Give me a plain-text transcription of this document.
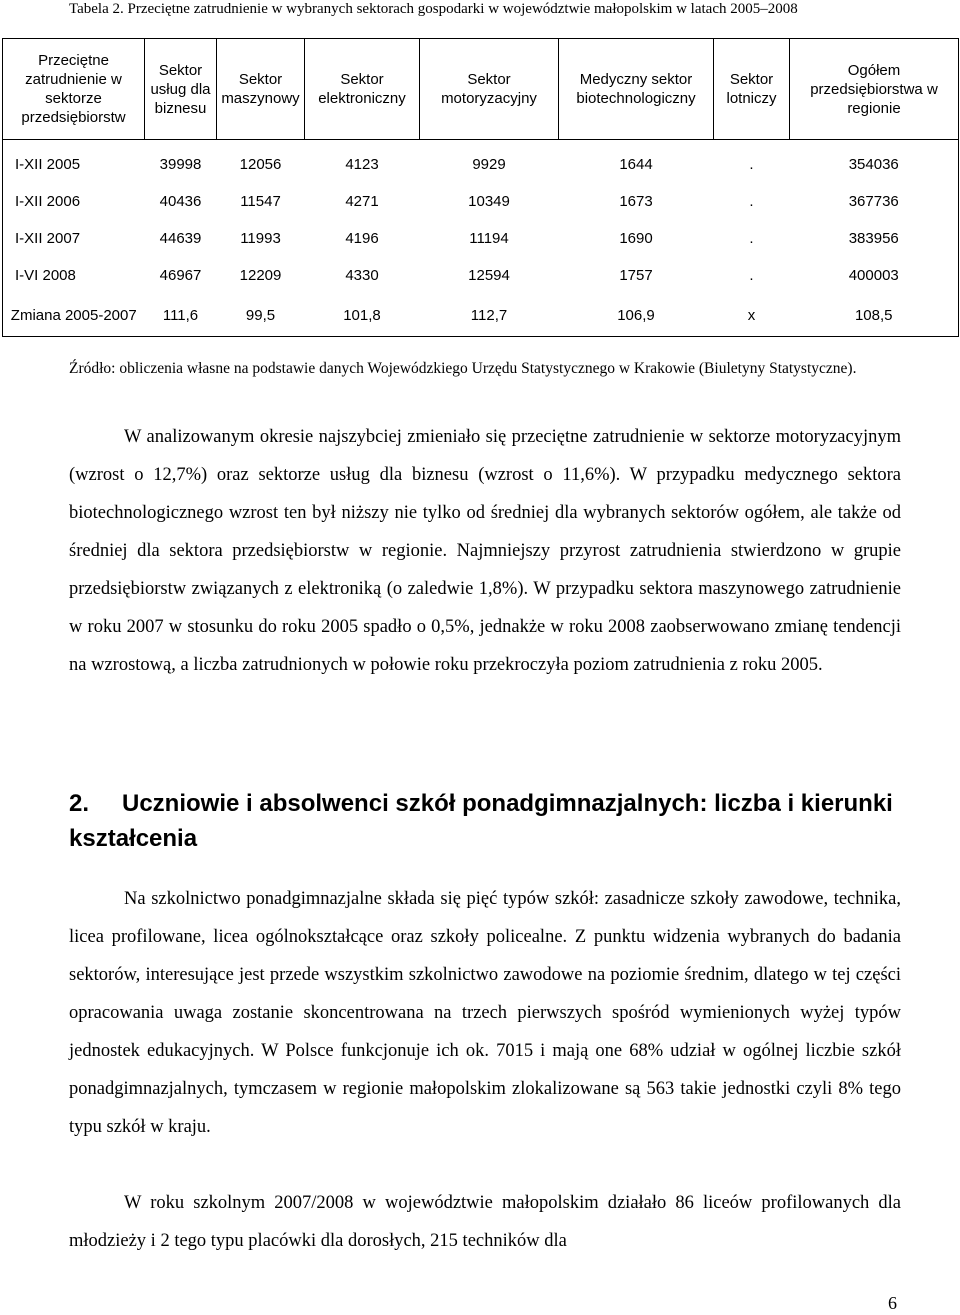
Tabela 2. Przeciętne zatrudnienie w wybranych sektorach gospodarki w województwie małopolskim w latach 2005–2008
Przeciętne zatrudnienie w sektorze przedsiębiorstw	Sektor usług dla biznesu	Sektor maszynowy	Sektor elektroniczny	Sektor motoryzacyjny	Medyczny sektor biotechnologiczny	Sektor lotniczy	Ogółem przedsiębiorstwa w regionie
I-XII 2005	39998	12056	4123	9929	1644	.	354036
I-XII 2006	40436	11547	4271	10349	1673	.	367736
I-XII 2007	44639	11993	4196	11194	1690	.	383956
I-VI 2008	46967	12209	4330	12594	1757	.	400003
Zmiana 2005-2007	111,6	99,5	101,8	112,7	106,9	x	108,5
Źródło: obliczenia własne na podstawie danych Wojewódzkiego Urzędu Statystycznego w Krakowie (Biuletyny Statystyczne).

W analizowanym okresie najszybciej zmieniało się przeciętne zatrudnienie w sektorze motoryzacyjnym (wzrost o 12,7%) oraz sektorze usług dla biznesu (wzrost o 11,6%). W przypadku medycznego sektora biotechnologicznego wzrost ten był niższy nie tylko od średniej dla wybranych sektorów ogółem, ale także od średniej dla sektora przedsiębiorstw w regionie. Najmniejszy przyrost zatrudnienia stwierdzono w grupie przedsiębiorstw związanych z elektroniką (o zaledwie 1,8%). W przypadku sektora maszynowego zatrudnienie w roku 2007 w stosunku do roku 2005 spadło o 0,5%, jednakże w roku 2008 zaobserwowano zmianę tendencji na wzrostową, a liczba zatrudnionych w połowie roku przekroczyła poziom zatrudnienia z roku 2005.

2. Uczniowie i absolwenci szkół ponadgimnazjalnych: liczba i kierunki kształcenia

Na szkolnictwo ponadgimnazjalne składa się pięć typów szkół: zasadnicze szkoły zawodowe, technika, licea profilowane, licea ogólnokształcące oraz szkoły policealne. Z punktu widzenia wybranych do badania sektorów, interesujące jest przede wszystkim szkolnictwo zawodowe na poziomie średnim, dlatego w tej części opracowania uwaga zostanie skoncentrowana na trzech pierwszych spośród wymienionych wyżej typów jednostek edukacyjnych. W Polsce funkcjonuje ich ok. 7015 i mają one 68% udział w ogólnej liczbie szkół ponadgimnazjalnych, tymczasem w regionie małopolskim zlokalizowane są 563 takie jednostki czyli 8% tego typu szkół w kraju.

W roku szkolnym 2007/2008 w województwie małopolskim działało 86 liceów profilowanych dla młodzieży i 2 tego typu placówki dla dorosłych, 215 techników dla

6
